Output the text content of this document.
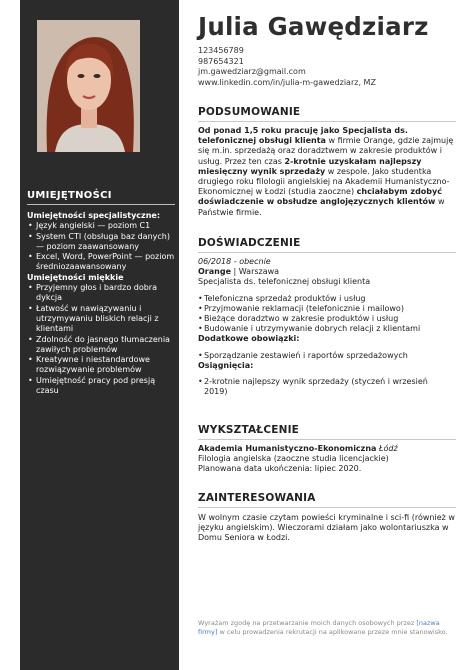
UMIEJĘTNOŚCI
Umiejętności specjalistyczne:
• Język angielski — poziom C1
• System CTI (obsługa baz danych) — poziom zaawansowany
• Excel, Word, PowerPoint — poziom średniozaawansowany
Umiejętności miękkie
• Przyjemny głos i bardzo dobra dykcja
• Łatwość w nawiązywaniu i utrzymywaniu bliskich relacji z klientami
• Zdolność do jasnego tłumaczenia zawiłych problemów
• Kreatywne i niestandardowe rozwiązywanie problemów
• Umiejętność pracy pod presją czasu
Julia Gawędziarz
123456789
987654321
jm.gawedziarz@gmail.com
www.linkedin.com/in/julia-m-gawedziarz, MZ
PODSUMOWANIE
Od ponad 1,5 roku pracuję jako Specjalista ds. telefonicznej obsługi klienta w firmie Orange, gdzie zajmuję się m.in. sprzedażą oraz doradztwem w zakresie produktów i usług. Przez ten czas 2-krotnie uzyskałam najlepszy miesięczny wynik sprzedaży w zespole. Jako studentka drugiego roku filologii angielskiej na Akademii Humanistyczno-Ekonomicznej w Łodzi (studia zaoczne) chciałabym zdobyć doświadczenie w obsłudze anglojęzycznych klientów w Państwie firmie.
DOŚWIADCZENIE
06/2018 - obecnie
Orange | Warszawa
Specjalista ds. telefonicznej obsługi klienta
• Telefoniczna sprzedaż produktów i usług
• Przyjmowanie reklamacji (telefonicznie i mailowo)
• Bieżące doradztwo w zakresie produktów i usług
• Budowanie i utrzymywanie dobrych relacji z klientami
Dodatkowe obowiązki:
• Sporządzanie zestawień i raportów sprzedażowych
Osiągnięcia:
• 2-krotnie najlepszy wynik sprzedaży (styczeń i wrzesień 2019)
WYKSZTAŁCENIE
Akademia Humanistyczno-Ekonomiczna Łódź
Filologia angielska (zaoczne studia licencjackie)
Planowana data ukończenia: lipiec 2020.
ZAINTERESOWANIA
W wolnym czasie czytam powieści kryminalne i sci-fi (również w języku angielskim). Wieczorami działam jako wolontariuszka w Domu Seniora w Łodzi.
Wyrażam zgodę na przetwarzanie moich danych osobowych przez [nazwa firmy] w celu prowadzenia rekrutacji na aplikowane przeze mnie stanowisko.
